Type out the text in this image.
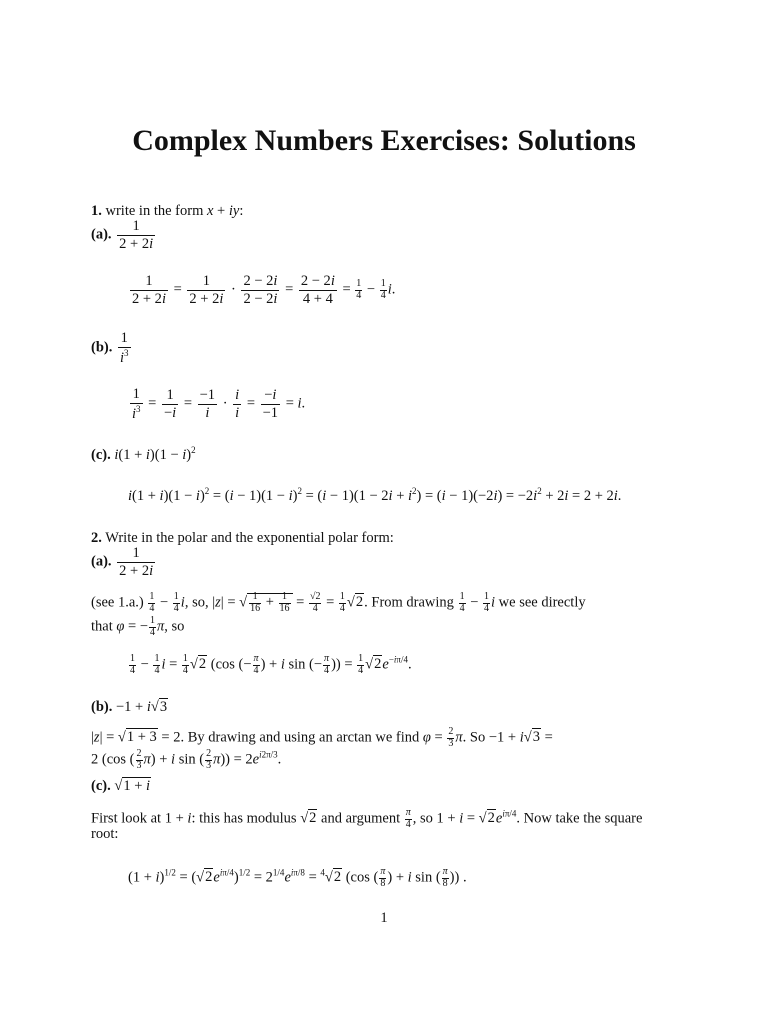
Complex Numbers Exercises: Solutions
1. write in the form x + iy:
(a). $\frac{1}{2 + 2i}$
$\frac{1}{2 + 2i} = \frac{1}{2 + 2i} \cdot \frac{2 - 2i}{2 - 2i} = \frac{2 - 2i}{4 + 4} = \frac{1}{4} - \frac{1}{4} i$.
(b). $\frac{1}{i^3}$
$\frac{1}{i^3} = \frac{1}{-i} = \frac{-1}{i} \cdot \frac{i}{i} = \frac{-i}{-1} = i$.
(c). $i(1 + i)(1 - i)^2$
$i(1 + i)(1 - i)^2 = (i - 1)(1 - i)^2 = (i - 1)(1 - 2i + i^2) = (i - 1)(-2i) = -2i^2 + 2i = 2 + 2i$.
2. Write in the polar and the exponential polar form:
(a). $\frac{1}{2 + 2i}$
(see $1.a.) \frac{1}{4} - \frac{1}{4} i$, so, |z| = √ $\frac{1}{16} + \frac{1}{16} = \frac{√2}{4} = \frac{1}{4} √2$. From drawing $\frac{1}{4} - \frac{1}{4}$ i we see directly
that φ = − $\frac{1}{4} \pi$, so
$\frac{1}{4} - \frac{1}{4}$ $i = \frac{1}{4} √2$ (cos (− $\frac{\pi}{4}$ ) + i sin (− $\frac{\pi}{4}$ )) = $\frac{1}{4} √2e^{-i\pi/4}$.
(b). −1 + i√3
|z| = √1 + 3 = 2. By drawing and using an arctan we find $\varphi = \frac{2}{3} \pi$. So −1 + i√3 =
2 (cos ( $\frac{2}{3} \pi) + i$ sin ( $\frac{2}{3} \pi)) = 2e^{i2\pi/3}$.
(c). √1 + i
First look at 1 + i: this has modulus √2 and argument $\frac{\pi}{4}$ , so $1 + i = √2e^{i\pi/4}$. Now take the square
root:
$(1 + i)^{1/2} = (√2e^{i\pi/4})^{1/2} = 2^{1/4}e^{i\pi/8} = ^4√2$ (cos ( $\frac{\pi}{8}$ ) + i sin ( $\frac{\pi}{8}$ )) .
1
